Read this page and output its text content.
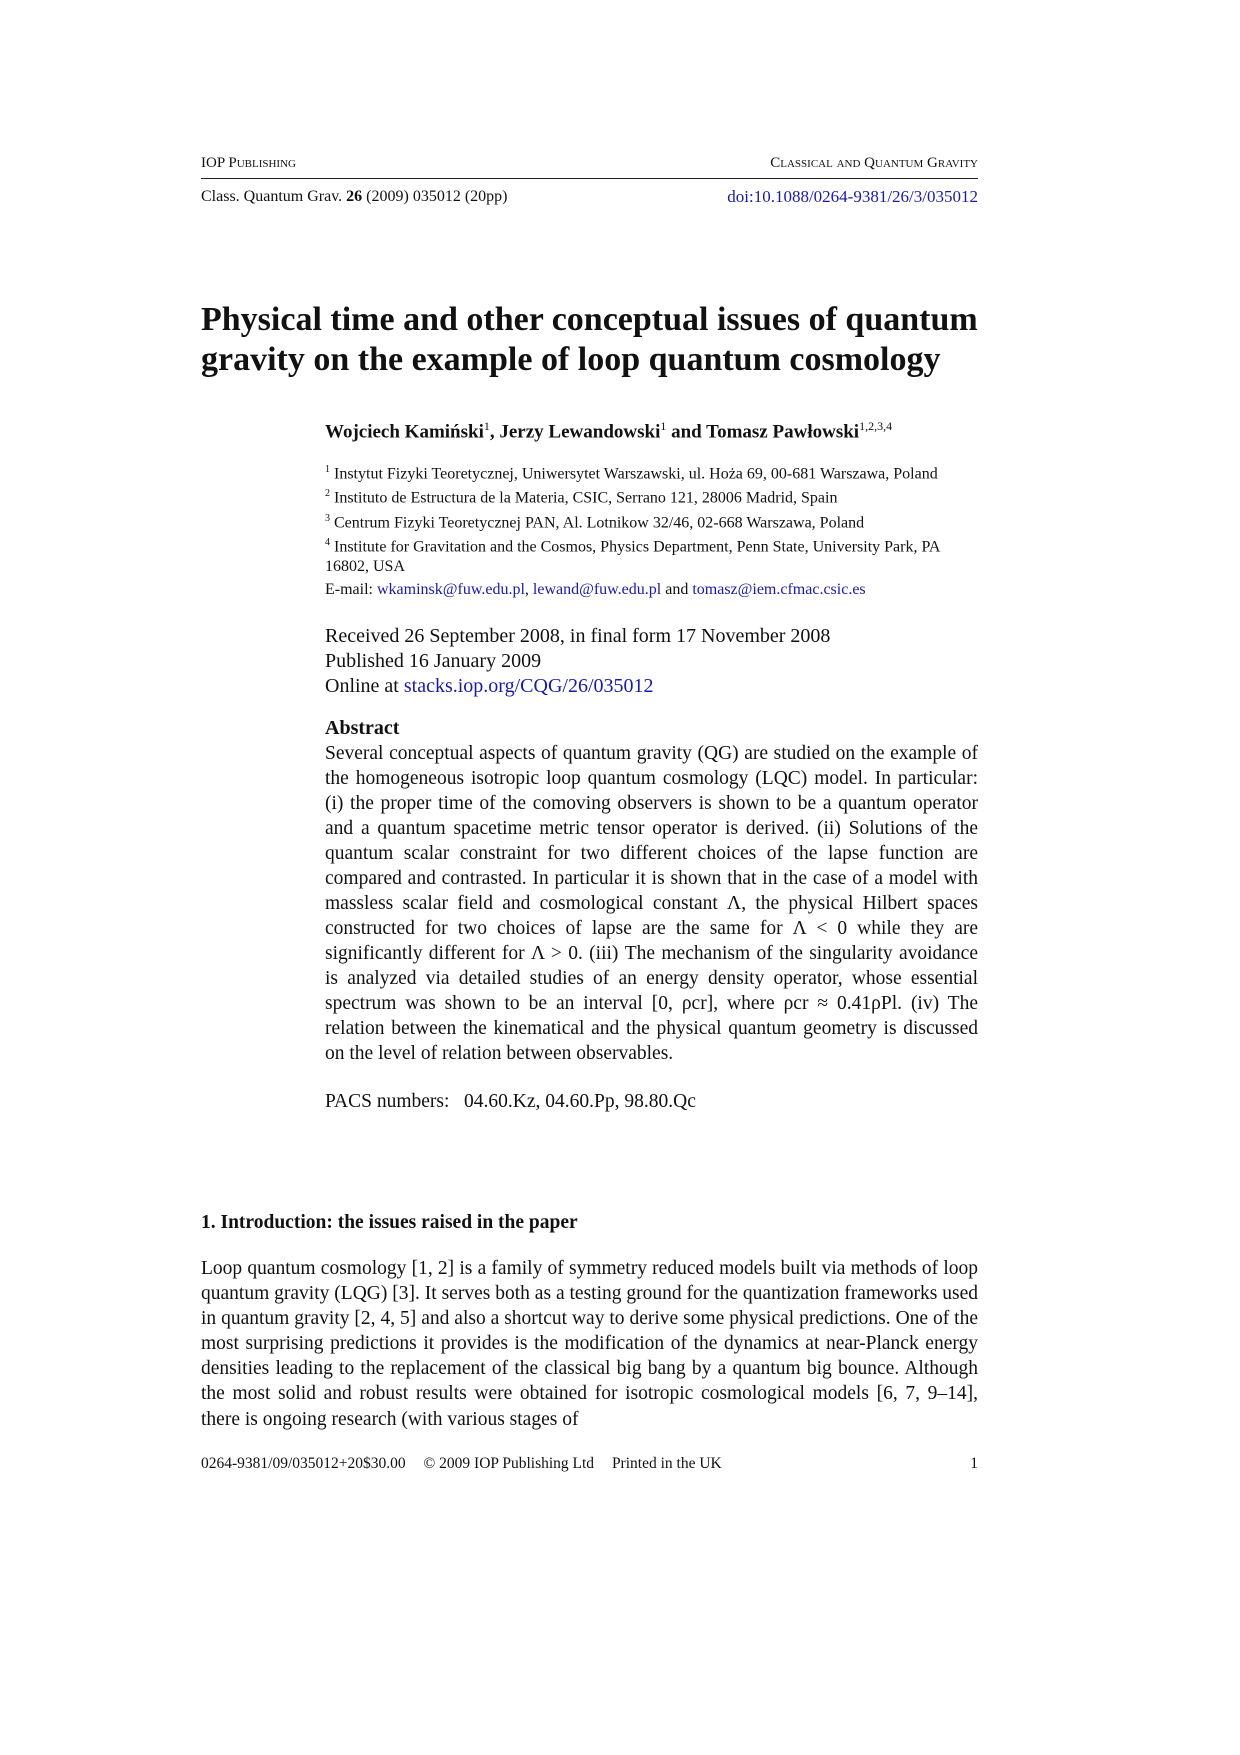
IOP Publishing	Classical and Quantum Gravity
Class. Quantum Grav. 26 (2009) 035012 (20pp)	doi:10.1088/0264-9381/26/3/035012
Physical time and other conceptual issues of quantum gravity on the example of loop quantum cosmology
Wojciech Kamiński$^1$, Jerzy Lewandowski$^1$ and Tomasz Pawłowski$^{1,2,3,4}$
$^1$ Instytut Fizyki Teoretycznej, Uniwersytet Warszawski, ul. Hoża 69, 00-681 Warszawa, Poland
$^2$ Instituto de Estructura de la Materia, CSIC, Serrano 121, 28006 Madrid, Spain
$^3$ Centrum Fizyki Teoretycznej PAN, Al. Lotnikow 32/46, 02-668 Warszawa, Poland
$^4$ Institute for Gravitation and the Cosmos, Physics Department, Penn State, University Park, PA 16802, USA
E-mail: wkaminsk@fuw.edu.pl, lewand@fuw.edu.pl and tomasz@iem.cfmac.csic.es
Received 26 September 2008, in final form 17 November 2008
Published 16 January 2009
Online at stacks.iop.org/CQG/26/035012
Abstract
Several conceptual aspects of quantum gravity (QG) are studied on the example of the homogeneous isotropic loop quantum cosmology (LQC) model. In particular: (i) the proper time of the comoving observers is shown to be a quantum operator and a quantum spacetime metric tensor operator is derived. (ii) Solutions of the quantum scalar constraint for two different choices of the lapse function are compared and contrasted. In particular it is shown that in the case of a model with massless scalar field and cosmological constant Λ, the physical Hilbert spaces constructed for two choices of lapse are the same for Λ < 0 while they are significantly different for Λ > 0. (iii) The mechanism of the singularity avoidance is analyzed via detailed studies of an energy density operator, whose essential spectrum was shown to be an interval [0, ρcr], where ρcr ≈ 0.41ρPl. (iv) The relation between the kinematical and the physical quantum geometry is discussed on the level of relation between observables.
PACS numbers:   04.60.Kz, 04.60.Pp, 98.80.Qc
1. Introduction: the issues raised in the paper
Loop quantum cosmology [1, 2] is a family of symmetry reduced models built via methods of loop quantum gravity (LQG) [3]. It serves both as a testing ground for the quantization frameworks used in quantum gravity [2, 4, 5] and also a shortcut way to derive some physical predictions. One of the most surprising predictions it provides is the modification of the dynamics at near-Planck energy densities leading to the replacement of the classical big bang by a quantum big bounce. Although the most solid and robust results were obtained for isotropic cosmological models [6, 7, 9–14], there is ongoing research (with various stages of
0264-9381/09/035012+20$30.00 © 2009 IOP Publishing Ltd Printed in the UK	1
